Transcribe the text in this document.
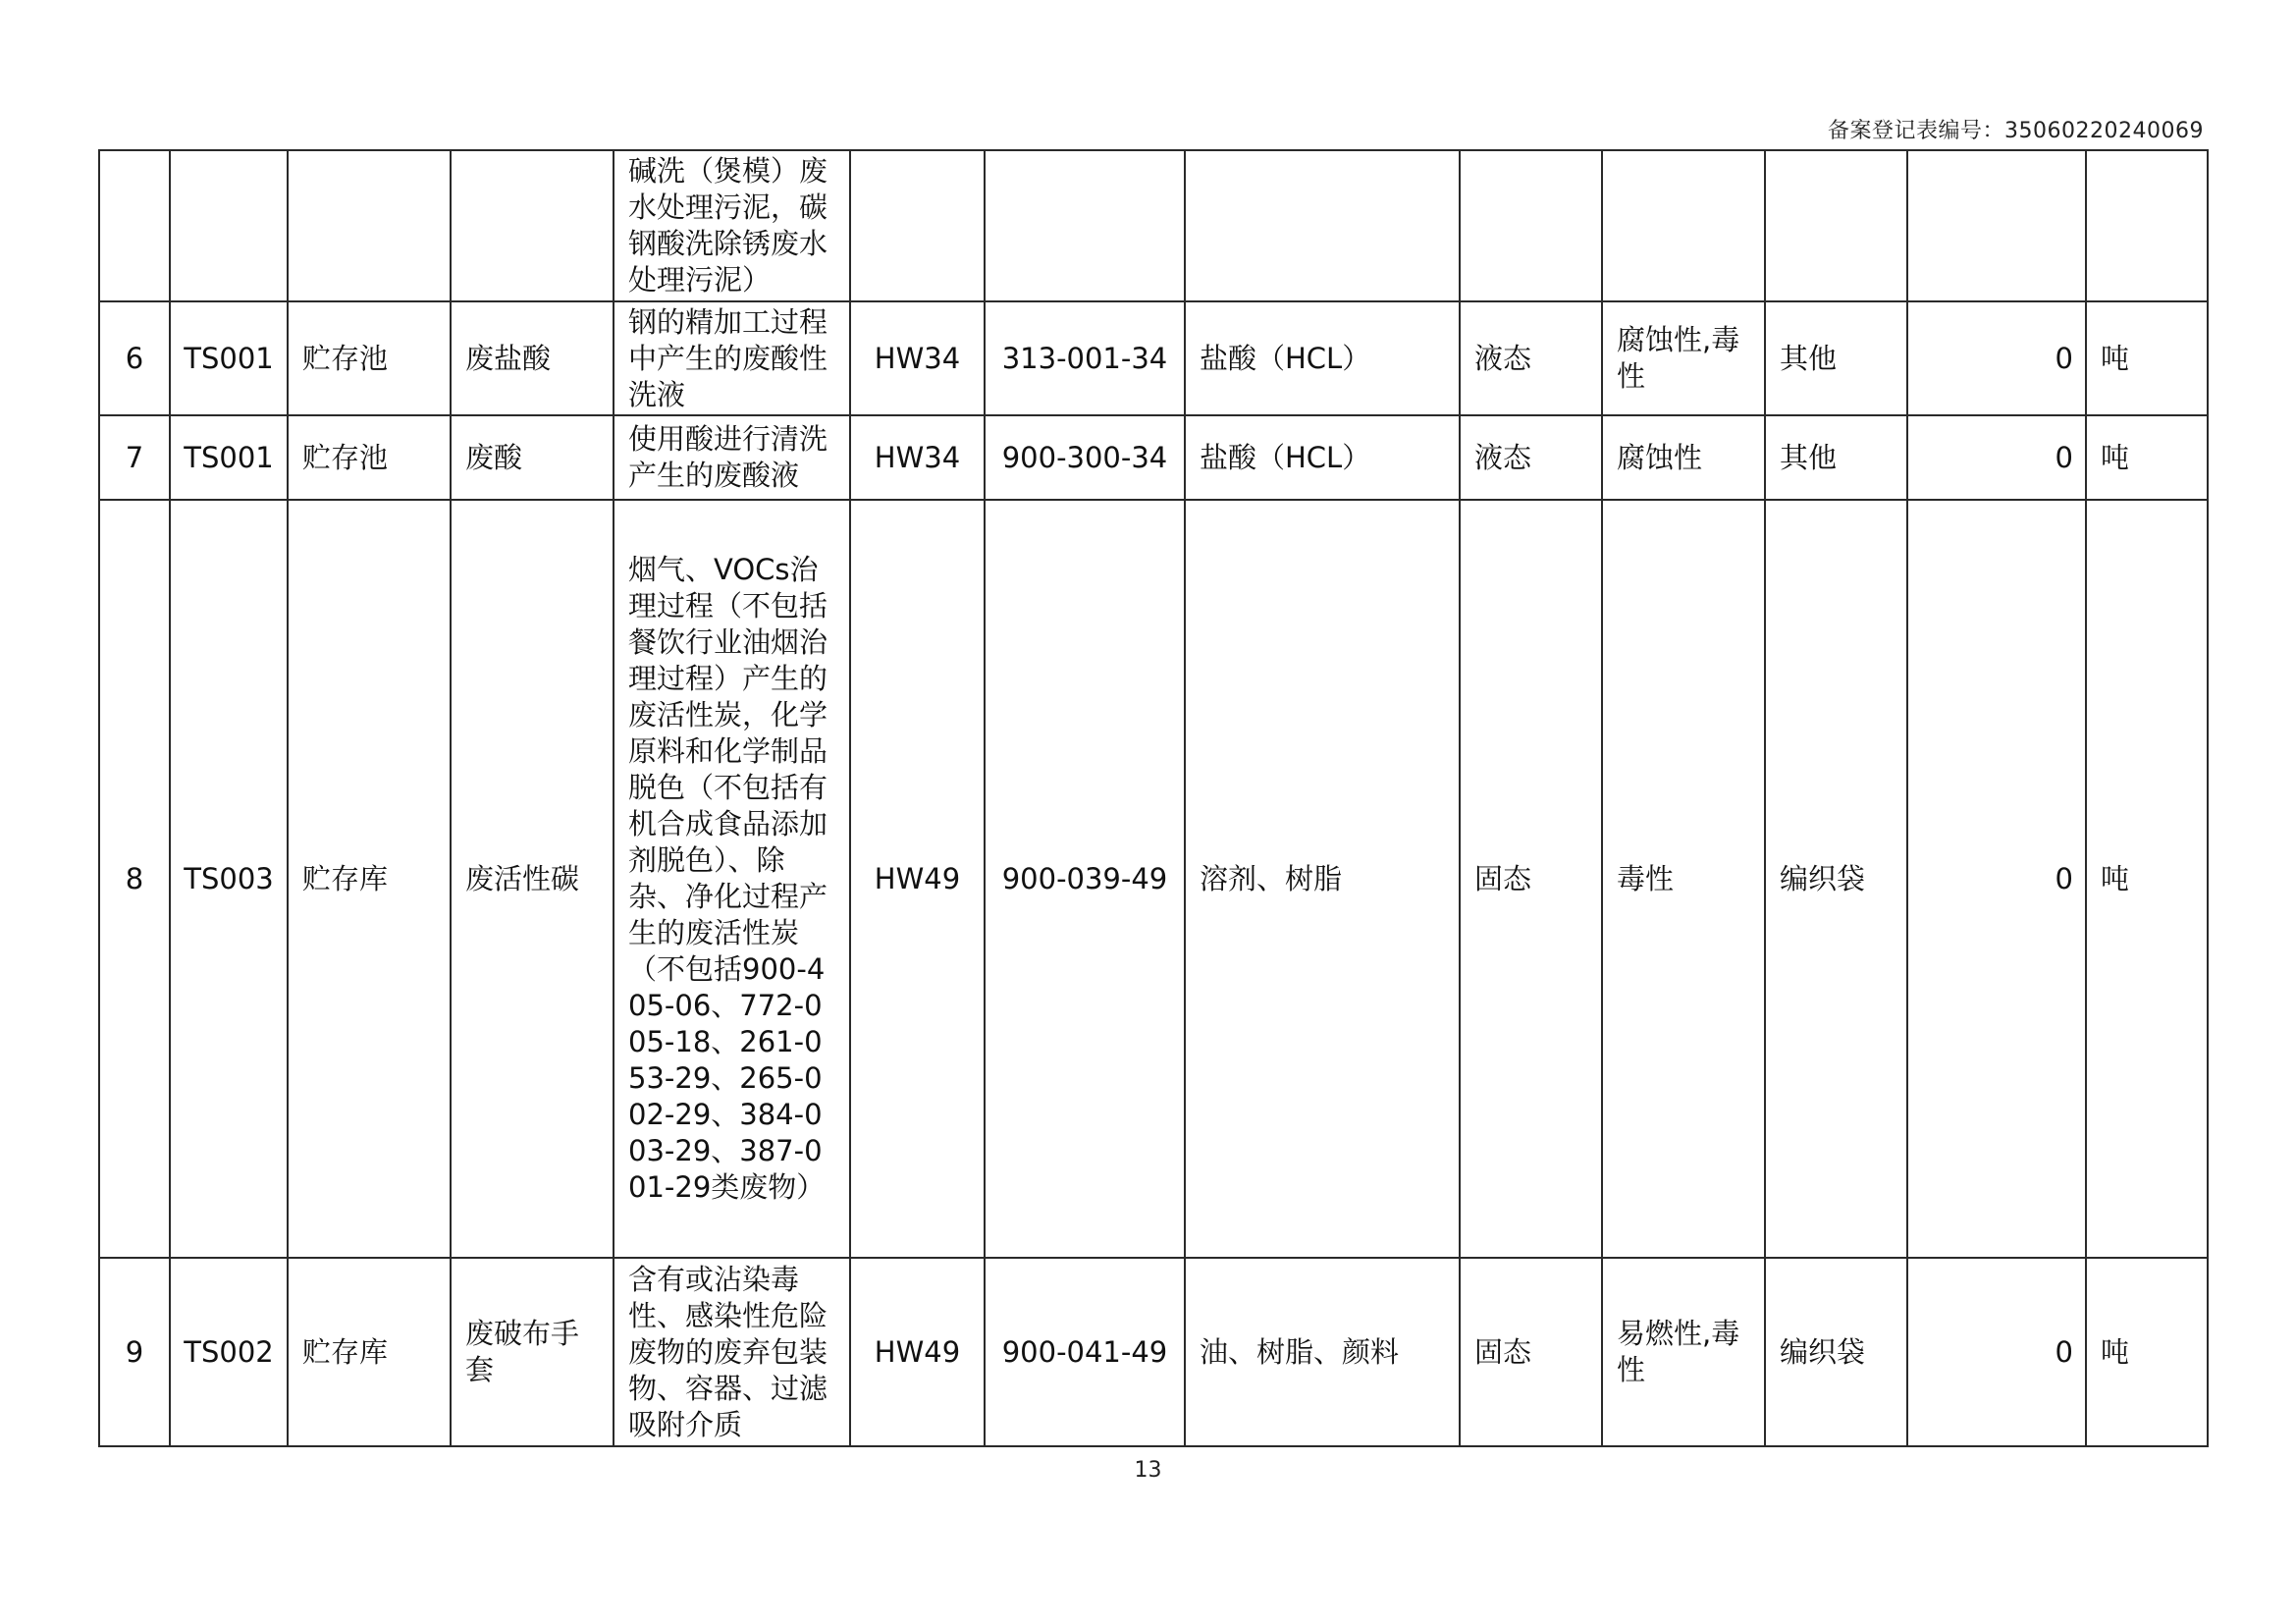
备案登记表编号：35060220240069
				碱洗（煲模）废水处理污泥，碳钢酸洗除锈废水处理污泥）								
6	TS001	贮存池	废盐酸	钢的精加工过程中产生的废酸性洗液	HW34	313-001-34	盐酸（HCL）	液态	腐蚀性,毒性	其他	0	吨
7	TS001	贮存池	废酸	使用酸进行清洗产生的废酸液	HW34	900-300-34	盐酸（HCL）	液态	腐蚀性	其他	0	吨
8	TS003	贮存库	废活性碳	烟气、VOCs治理过程（不包括餐饮行业油烟治理过程）产生的废活性炭，化学原料和化学制品脱色（不包括有机合成食品添加剂脱色）、除杂、净化过程产生的废活性炭（不包括900-405-06、772-005-18、261-053-29、265-002-29、384-003-29、387-001-29类废物）	HW49	900-039-49	溶剂、树脂	固态	毒性	编织袋	0	吨
9	TS002	贮存库	废破布手套	含有或沾染毒性、感染性危险废物的废弃包装物、容器、过滤吸附介质	HW49	900-041-49	油、树脂、颜料	固态	易燃性,毒性	编织袋	0	吨
13
